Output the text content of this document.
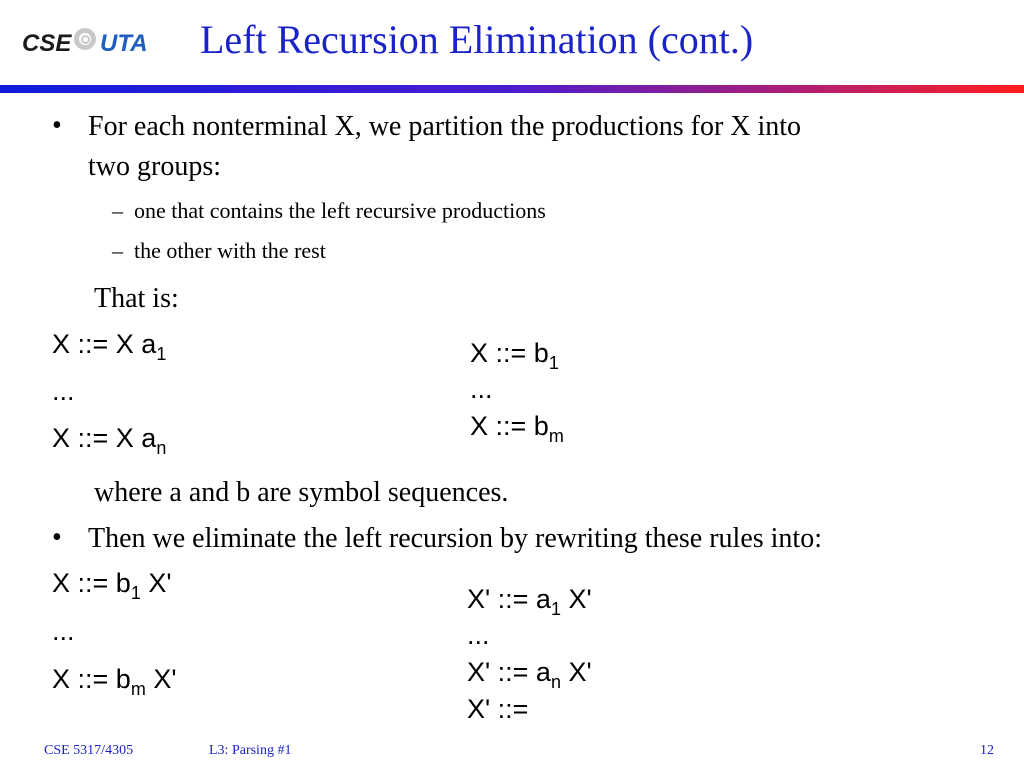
CSE UTA Left Recursion Elimination (cont.)
• For each nonterminal X, we partition the productions for X into
two groups:
– one that contains the left recursive productions
– the other with the rest
That is:
X ::= X $a_1$
...
X ::= X $a_n$
X ::= $b_1$
...
X ::= $b_m$
where a and b are symbol sequences.
• Then we eliminate the left recursion by rewriting these rules into:
X ::= $b_1$ X'
...
X ::= $b_m$ X'
X' ::= $a_1$ X'
...
X' ::= $a_n$ X'
X' ::=
CSE 5317/4305	L3: Parsing #1	12
